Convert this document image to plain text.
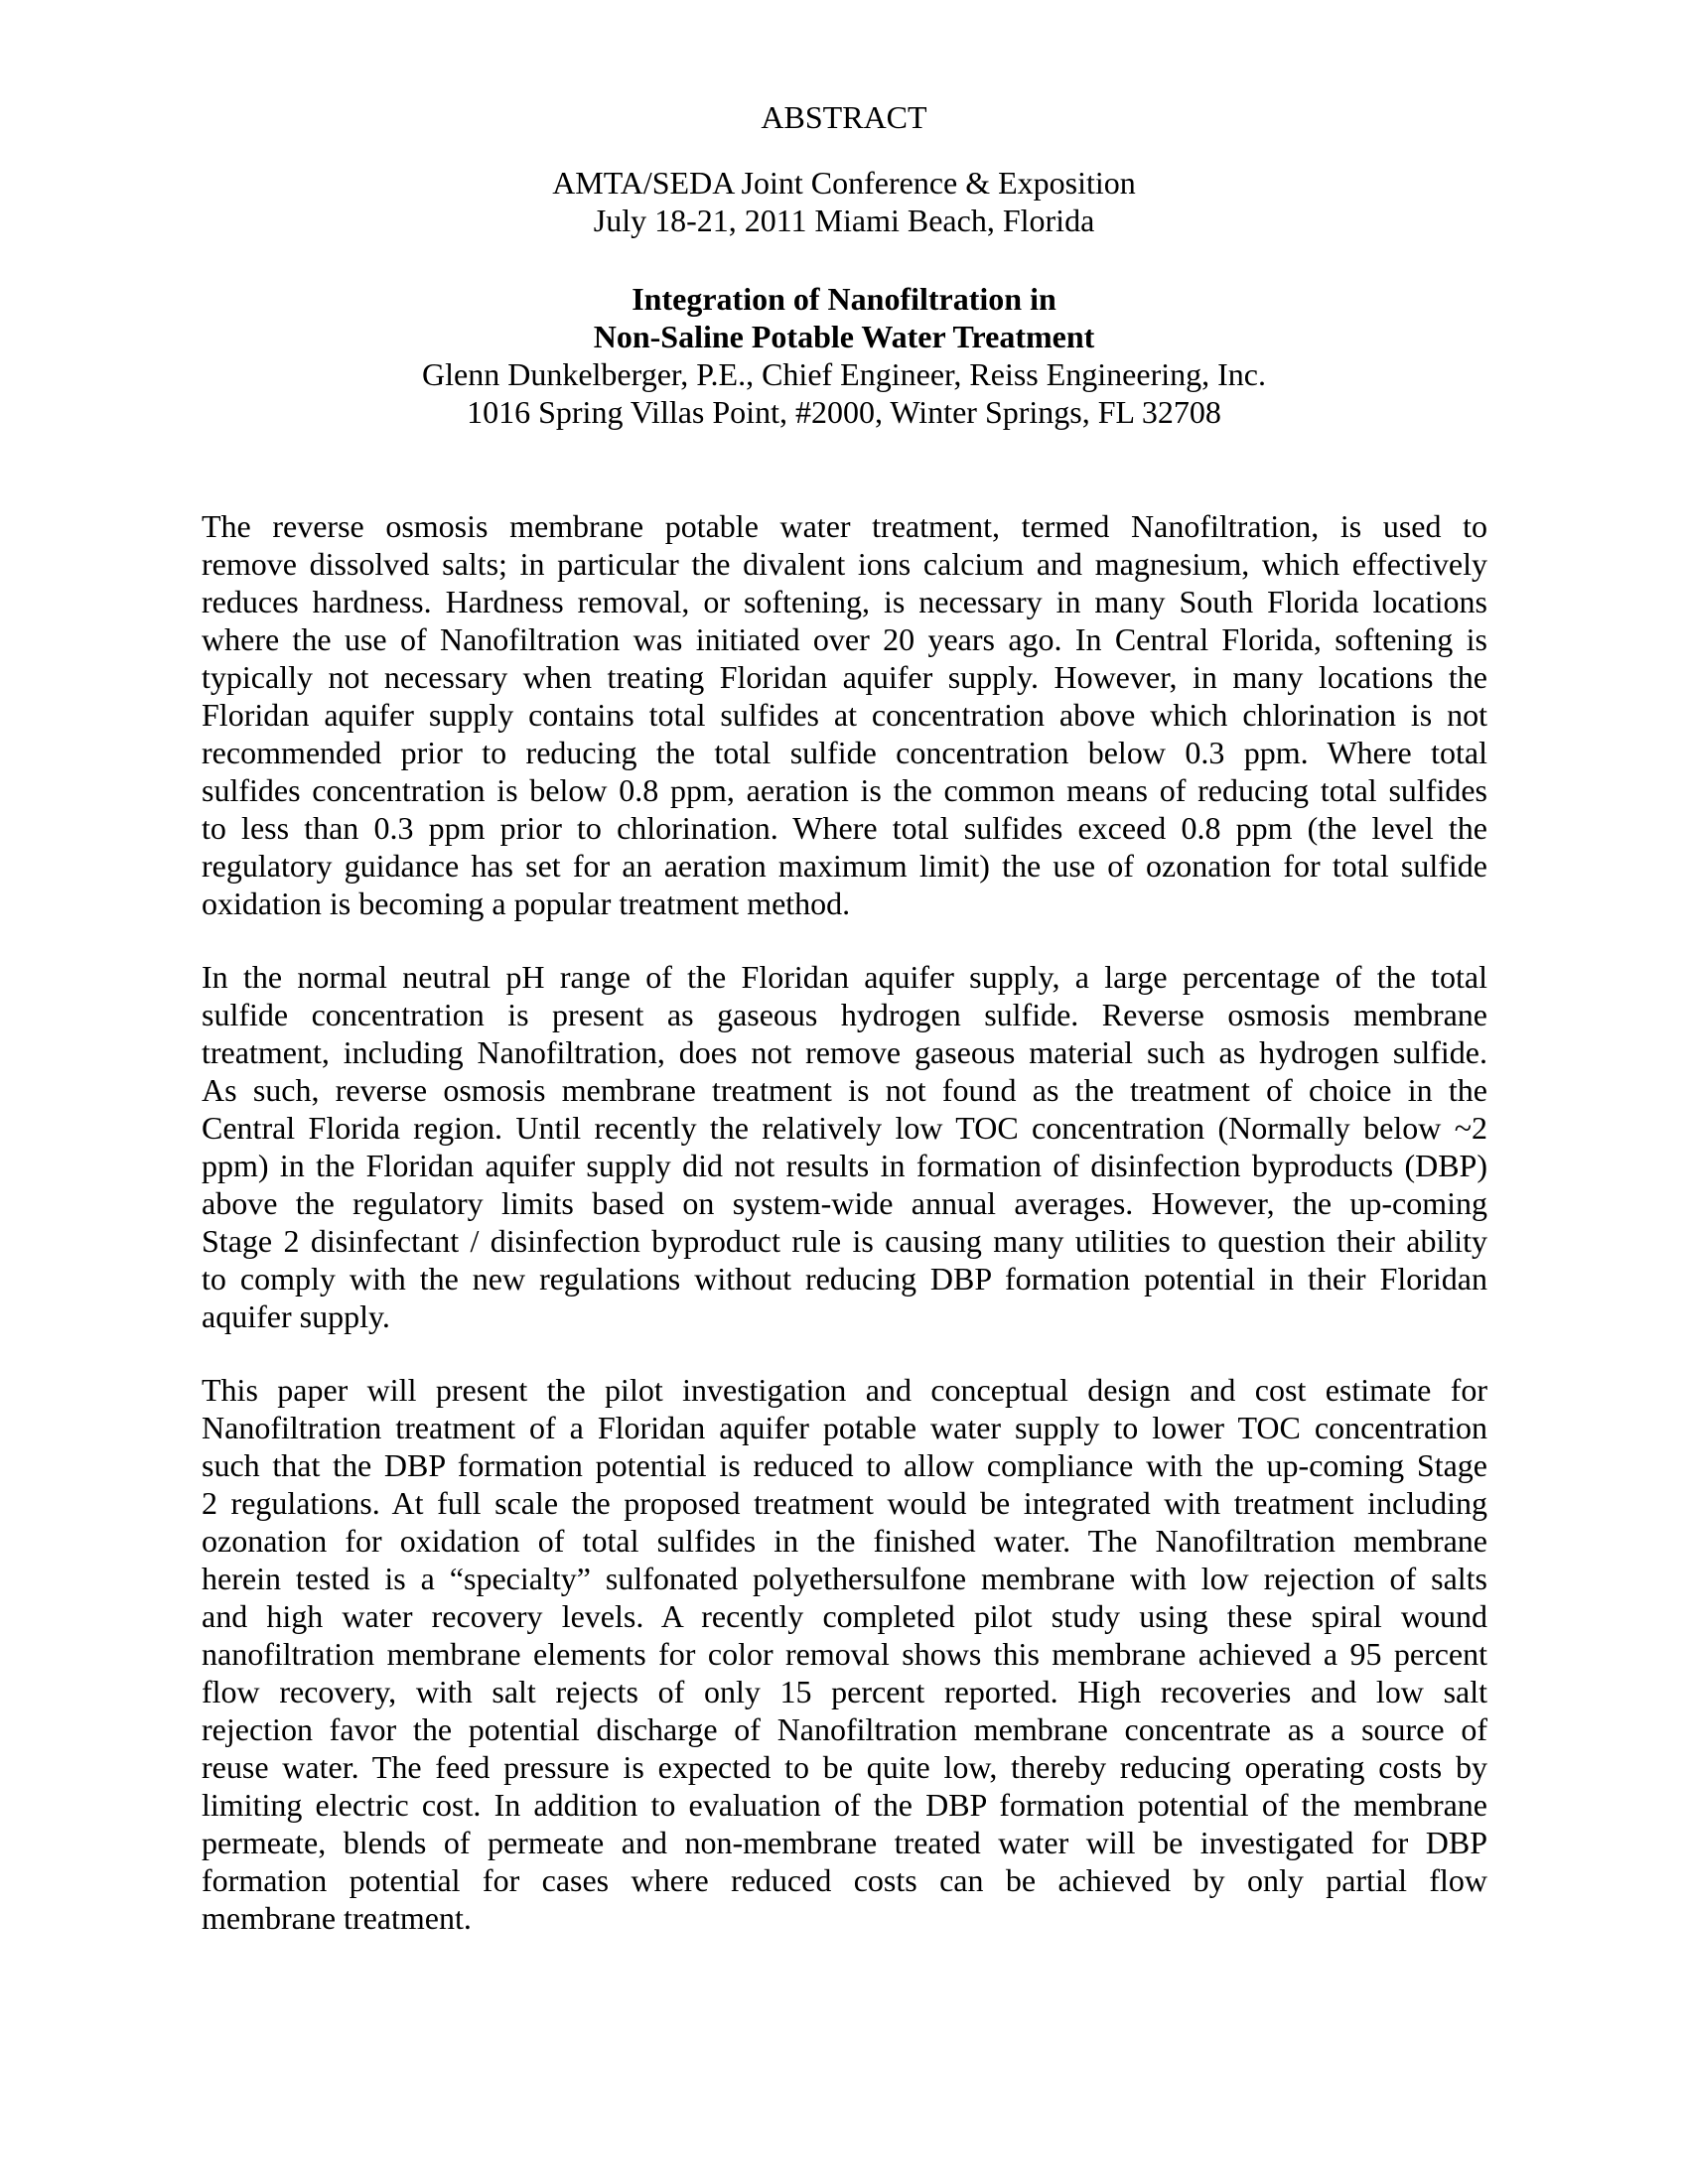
ABSTRACT
AMTA/SEDA Joint Conference & Exposition
July 18-21, 2011 Miami Beach, Florida
Integration of Nanofiltration in
Non-Saline Potable Water Treatment
Glenn Dunkelberger, P.E., Chief Engineer, Reiss Engineering, Inc.
1016 Spring Villas Point, #2000, Winter Springs, FL 32708
The reverse osmosis membrane potable water treatment, termed Nanofiltration, is used to
remove dissolved salts; in particular the divalent ions calcium and magnesium, which effectively
reduces hardness. Hardness removal, or softening, is necessary in many South Florida locations
where the use of Nanofiltration was initiated over 20 years ago. In Central Florida, softening is
typically not necessary when treating Floridan aquifer supply. However, in many locations the
Floridan aquifer supply contains total sulfides at concentration above which chlorination is not
recommended prior to reducing the total sulfide concentration below 0.3 ppm. Where total
sulfides concentration is below 0.8 ppm, aeration is the common means of reducing total sulfides
to less than 0.3 ppm prior to chlorination. Where total sulfides exceed 0.8 ppm (the level the
regulatory guidance has set for an aeration maximum limit) the use of ozonation for total sulfide
oxidation is becoming a popular treatment method.
In the normal neutral pH range of the Floridan aquifer supply, a large percentage of the total
sulfide concentration is present as gaseous hydrogen sulfide. Reverse osmosis membrane
treatment, including Nanofiltration, does not remove gaseous material such as hydrogen sulfide.
As such, reverse osmosis membrane treatment is not found as the treatment of choice in the
Central Florida region. Until recently the relatively low TOC concentration (Normally below ~2
ppm) in the Floridan aquifer supply did not results in formation of disinfection byproducts (DBP)
above the regulatory limits based on system-wide annual averages. However, the up-coming
Stage 2 disinfectant / disinfection byproduct rule is causing many utilities to question their ability
to comply with the new regulations without reducing DBP formation potential in their Floridan
aquifer supply.
This paper will present the pilot investigation and conceptual design and cost estimate for
Nanofiltration treatment of a Floridan aquifer potable water supply to lower TOC concentration
such that the DBP formation potential is reduced to allow compliance with the up-coming Stage
2 regulations. At full scale the proposed treatment would be integrated with treatment including
ozonation for oxidation of total sulfides in the finished water. The Nanofiltration membrane
herein tested is a “specialty” sulfonated polyethersulfone membrane with low rejection of salts
and high water recovery levels. A recently completed pilot study using these spiral wound
nanofiltration membrane elements for color removal shows this membrane achieved a 95 percent
flow recovery, with salt rejects of only 15 percent reported. High recoveries and low salt
rejection favor the potential discharge of Nanofiltration membrane concentrate as a source of
reuse water. The feed pressure is expected to be quite low, thereby reducing operating costs by
limiting electric cost. In addition to evaluation of the DBP formation potential of the membrane
permeate, blends of permeate and non-membrane treated water will be investigated for DBP
formation potential for cases where reduced costs can be achieved by only partial flow
membrane treatment.
